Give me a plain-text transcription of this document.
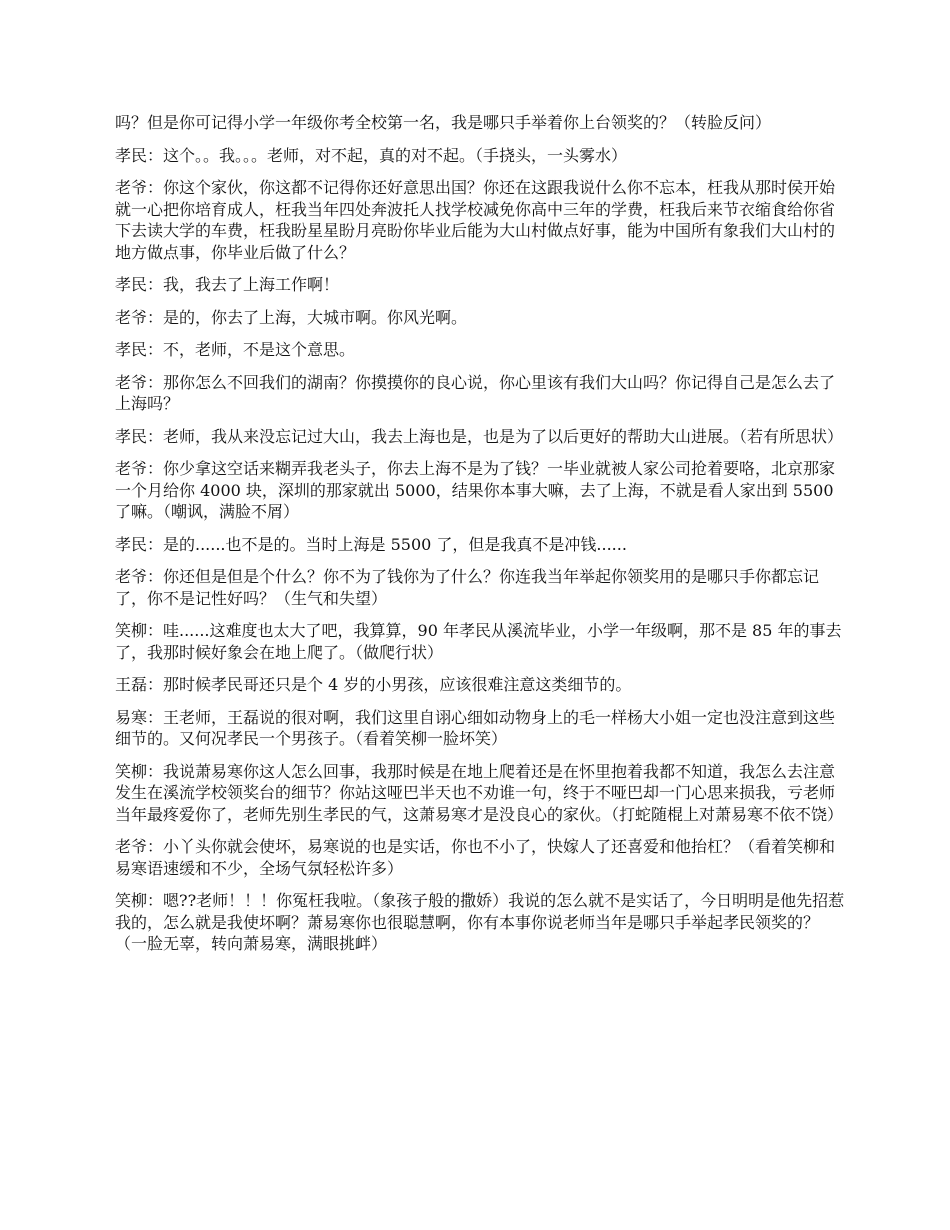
吗？但是你可记得小学一年级你考全校第一名，我是哪只手举着你上台领奖的？（转脸反问）

孝民：这个。。我。。。老师，对不起，真的对不起。（手挠头，一头雾水）

老爷：你这个家伙，你这都不记得你还好意思出国？你还在这跟我说什么你不忘本，枉我从那时侯开始就一心把你培育成人，枉我当年四处奔波托人找学校减免你高中三年的学费，枉我后来节衣缩食给你省下去读大学的车费，枉我盼星星盼月亮盼你毕业后能为大山村做点好事，能为中国所有象我们大山村的地方做点事，你毕业后做了什么？

孝民：我，我去了上海工作啊！

老爷：是的，你去了上海，大城市啊。你风光啊。

孝民：不，老师，不是这个意思。

老爷：那你怎么不回我们的湖南？你摸摸你的良心说，你心里该有我们大山吗？你记得自己是怎么去了上海吗？

孝民：老师，我从来没忘记过大山，我去上海也是，也是为了以后更好的帮助大山进展。（若有所思状）

老爷：你少拿这空话来糊弄我老头子，你去上海不是为了钱？一毕业就被人家公司抢着要咯，北京那家一个月给你 4000 块，深圳的那家就出 5000，结果你本事大嘛，去了上海，不就是看人家出到 5500 了嘛。（嘲讽，满脸不屑）

孝民：是的......也不是的。当时上海是 5500 了，但是我真不是冲钱......

老爷：你还但是但是个什么？你不为了钱你为了什么？你连我当年举起你领奖用的是哪只手你都忘记了，你不是记性好吗？（生气和失望）

笑柳：哇......这难度也太大了吧，我算算，90 年孝民从溪流毕业，小学一年级啊，那不是 85 年的事去了，我那时候好象会在地上爬了。（做爬行状）

王磊：那时候孝民哥还只是个 4 岁的小男孩，应该很难注意这类细节的。

易寒：王老师，王磊说的很对啊，我们这里自诩心细如动物身上的毛一样杨大小姐一定也没注意到这些细节的。又何况孝民一个男孩子。（看着笑柳一脸坏笑）

笑柳：我说萧易寒你这人怎么回事，我那时候是在地上爬着还是在怀里抱着我都不知道，我怎么去注意发生在溪流学校领奖台的细节？你站这哑巴半天也不劝谁一句，终于不哑巴却一门心思来损我，亏老师当年最疼爱你了，老师先别生孝民的气，这萧易寒才是没良心的家伙。（打蛇随棍上对萧易寒不依不饶）

老爷：小丫头你就会使坏，易寒说的也是实话，你也不小了，快嫁人了还喜爱和他抬杠？（看着笑柳和易寒语速缓和不少，全场气氛轻松许多）

笑柳：嗯??老师！！！你冤枉我啦。（象孩子般的撒娇）我说的怎么就不是实话了，今日明明是他先招惹我的，怎么就是我使坏啊？萧易寒你也很聪慧啊，你有本事你说老师当年是哪只手举起孝民领奖的？（一脸无辜，转向萧易寒，满眼挑衅）
